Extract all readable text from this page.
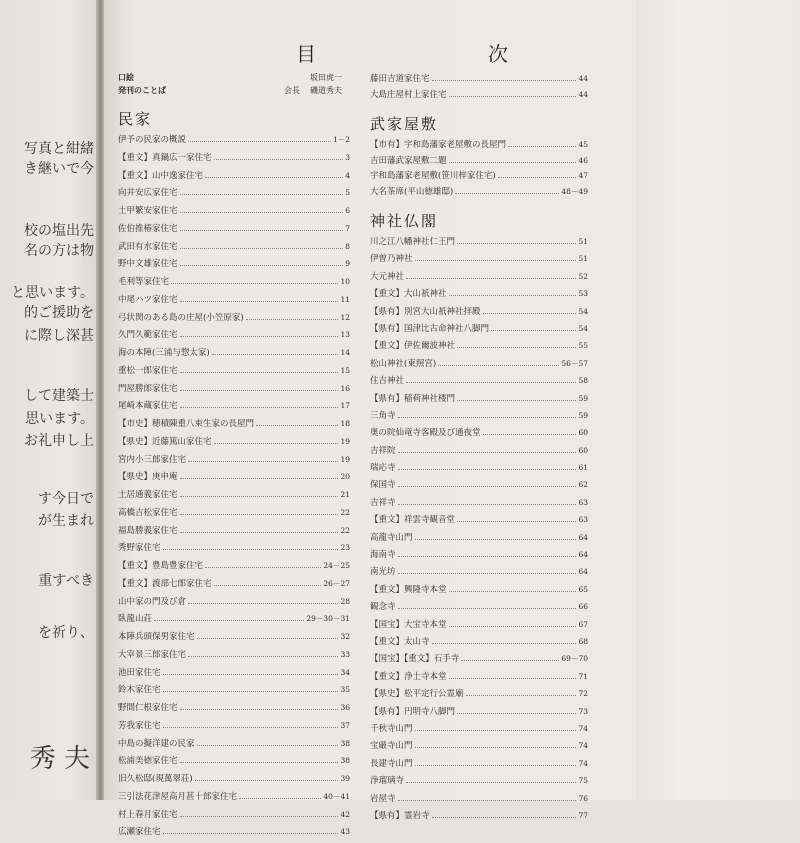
写真と紺緒
き継いで今
校の塩出先
名の方は物
と思います。
的ご援助を
に際し深甚
して建築士
思います。
お礼申し上
す今日で
が生まれ
重すべき
を祈り、
秀 夫
目　次
口絵	坂田虎一
発刊のことば	会長 磯道秀夫
民家
伊予の民家の概説	1－2
【重文】真鍋広一家住宅	3
【重文】山中逸家住宅	4
向井安広家住宅	5
土甲繁安家住宅	6
佐伯推椿家住宅	7
武田有水家住宅	8
野中文雄家住宅	9
毛利等家住宅	10
中尾ハツ家住宅	11
弓状関のある島の庄屋(小笠原家)	12
久門久範家住宅	13
海の本陣(三浦与惣太家)	14
重松一郎家住宅	15
門屋勝郎家住宅	16
尾崎本蔵家住宅	17
【市史】穂積陳重八束生家の長屋門	18
【県史】近藤篤山家住宅	19
宮内小三郎家住宅	19
【県史】庚申庵	20
土居通義家住宅	21
高橋吉松家住宅	22
福島勝義家住宅	22
秀野家住宅	23
【重文】豊島豊家住宅	24－25
【重文】渡部七郎家住宅	26－27
山中家の門及び倉	28
臥龍山荘	29－30－31
本陣兵頭保男家住宅	32
大宰景三郎家住宅	33
池田家住宅	34
鈴木家住宅	35
野間仁根家住宅	36
芳我家住宅	37
中島の擬洋建の民家	38
松浦美徳家住宅	38
旧久松邸(現萬翠荘)	39
三引法花津屋高月甚十郎家住宅	40－41
村上春月家住宅	42
広瀬家住宅	43
藤田吉道家住宅	44
大島庄屋村上家住宅	44
武家屋敷
【市有】宇和島藩家老屋敷の長屋門	45
吉田藩武家屋敷二題	46
宇和島藩家老屋敷(笹川梓家住宅)	47
大名茶席(平山徳雄邸)	48－49
神社仏閣
川之江八幡神社仁王門	51
伊曽乃神社	51
大元神社	52
【重文】大山祇神社	53
【県有】別宮大山祇神社拝殿	54
【県有】国津比古命神社八脚門	54
【重文】伊佐爾波神社	55
松山神社(東照宮)	56－57
住吉神社	58
【県有】稲荷神社楼門	59
三角寺	59
奥の院仙竜寺客殿及び通夜堂	60
吉祥院	60
瑞応寺	61
保国寺	62
吉祥寺	63
【重文】祥雲寺観音堂	63
高龍寺山門	64
海南寺	64
南光坊	64
【重文】興隆寺本堂	65
観念寺	66
【国宝】大宝寺本堂	67
【重文】太山寺	68
【国宝】【重文】石手寺	69－70
【重文】浄土寺本堂	71
【県史】松平定行公霊廟	72
【県有】円明寺八脚門	73
千秋寺山門	74
宝厳寺山門	74
長建寺山門	74
浄瑠璃寺	75
岩屋寺	76
【県有】霊岩寺	77
